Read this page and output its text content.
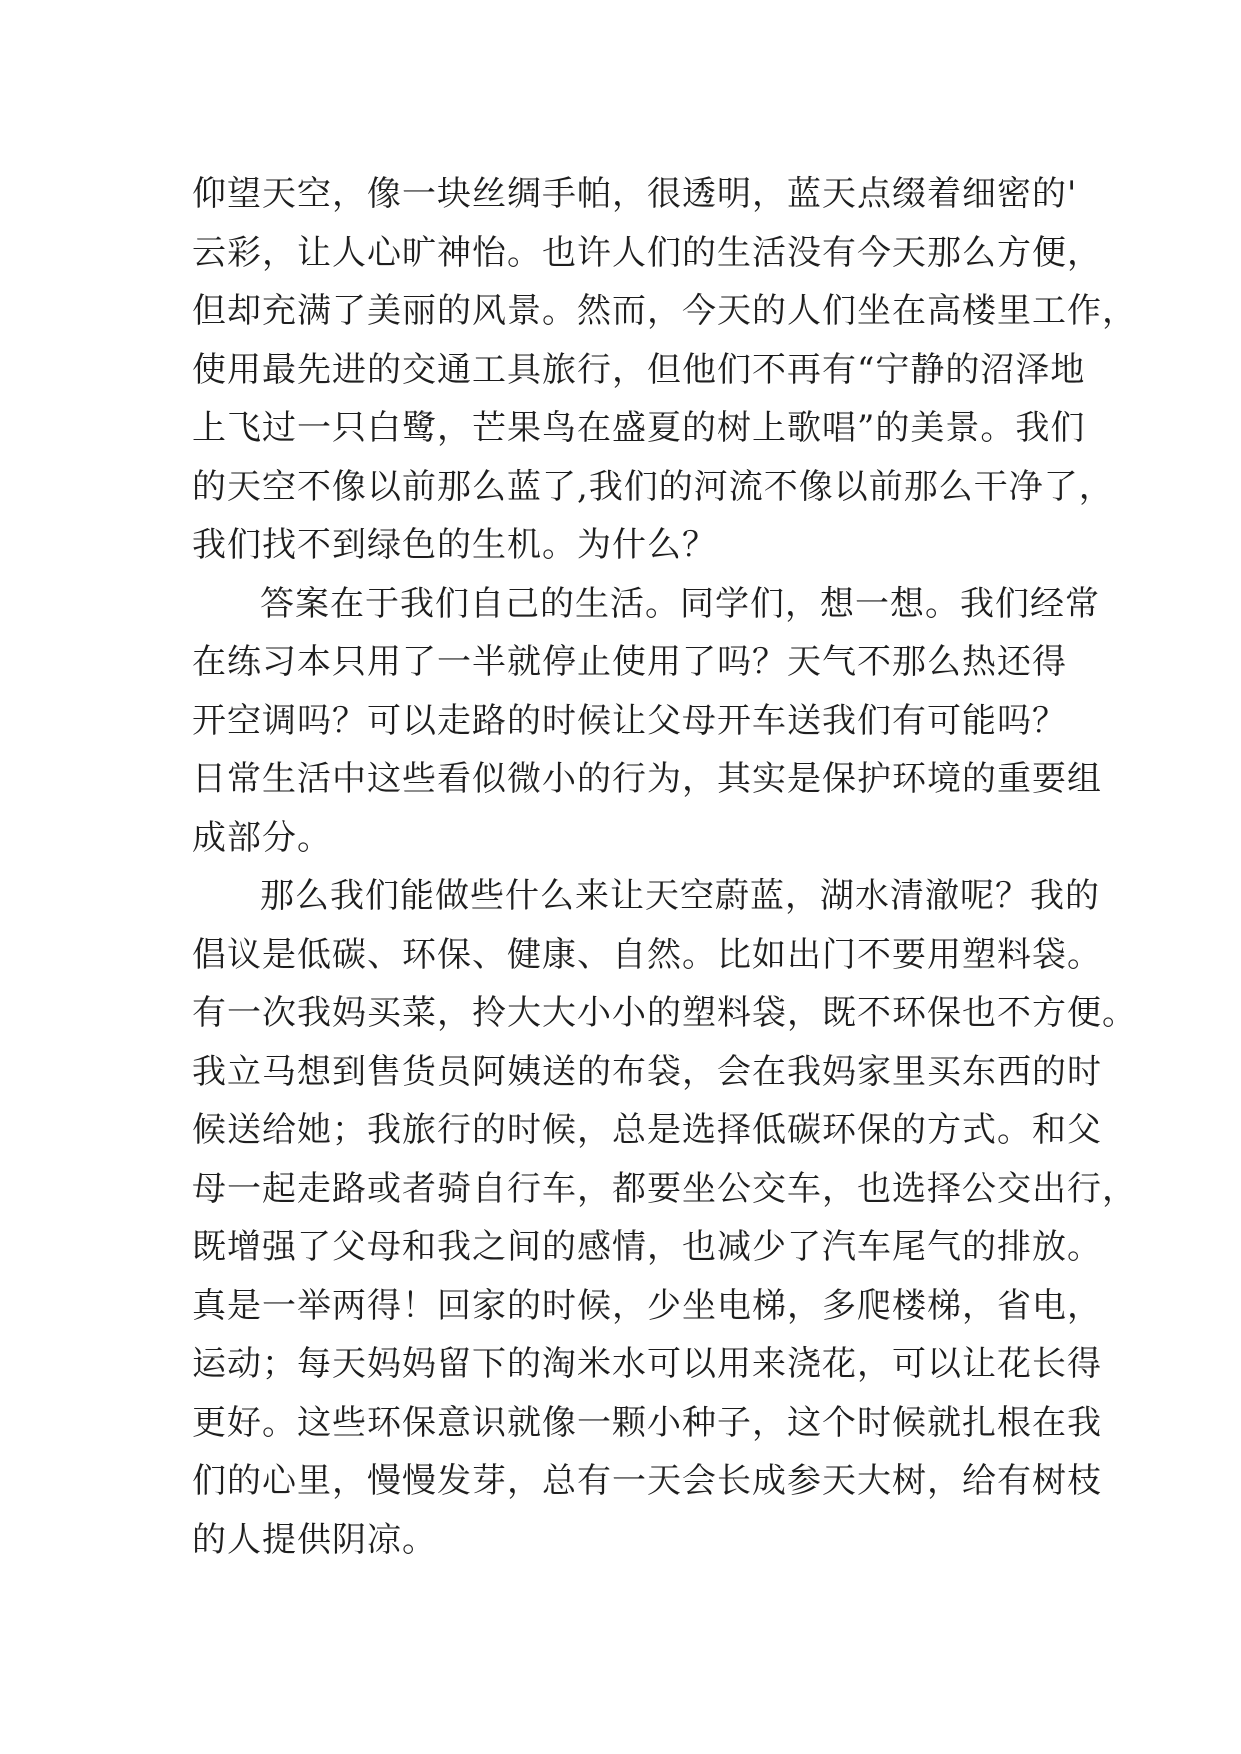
仰望天空，像一块丝绸手帕，很透明，蓝天点缀着细密的'
云彩，让人心旷神怡。也许人们的生活没有今天那么方便，
但却充满了美丽的风景。然而，今天的人们坐在高楼里工作，
使用最先进的交通工具旅行，但他们不再有“宁静的沼泽地
上飞过一只白鹭，芒果鸟在盛夏的树上歌唱”的美景。我们
的天空不像以前那么蓝了,我们的河流不像以前那么干净了，
我们找不到绿色的生机。为什么？
答案在于我们自己的生活。同学们，想一想。我们经常
在练习本只用了一半就停止使用了吗？天气不那么热还得
开空调吗？可以走路的时候让父母开车送我们有可能吗？
日常生活中这些看似微小的行为，其实是保护环境的重要组
成部分。
那么我们能做些什么来让天空蔚蓝，湖水清澈呢？我的
倡议是低碳、环保、健康、自然。比如出门不要用塑料袋。
有一次我妈买菜，拎大大小小的塑料袋，既不环保也不方便。
我立马想到售货员阿姨送的布袋，会在我妈家里买东西的时
候送给她；我旅行的时候，总是选择低碳环保的方式。和父
母一起走路或者骑自行车，都要坐公交车，也选择公交出行，
既增强了父母和我之间的感情，也减少了汽车尾气的排放。
真是一举两得！回家的时候，少坐电梯，多爬楼梯，省电，
运动；每天妈妈留下的淘米水可以用来浇花，可以让花长得
更好。这些环保意识就像一颗小种子，这个时候就扎根在我
们的心里，慢慢发芽，总有一天会长成参天大树，给有树枝
的人提供阴凉。
